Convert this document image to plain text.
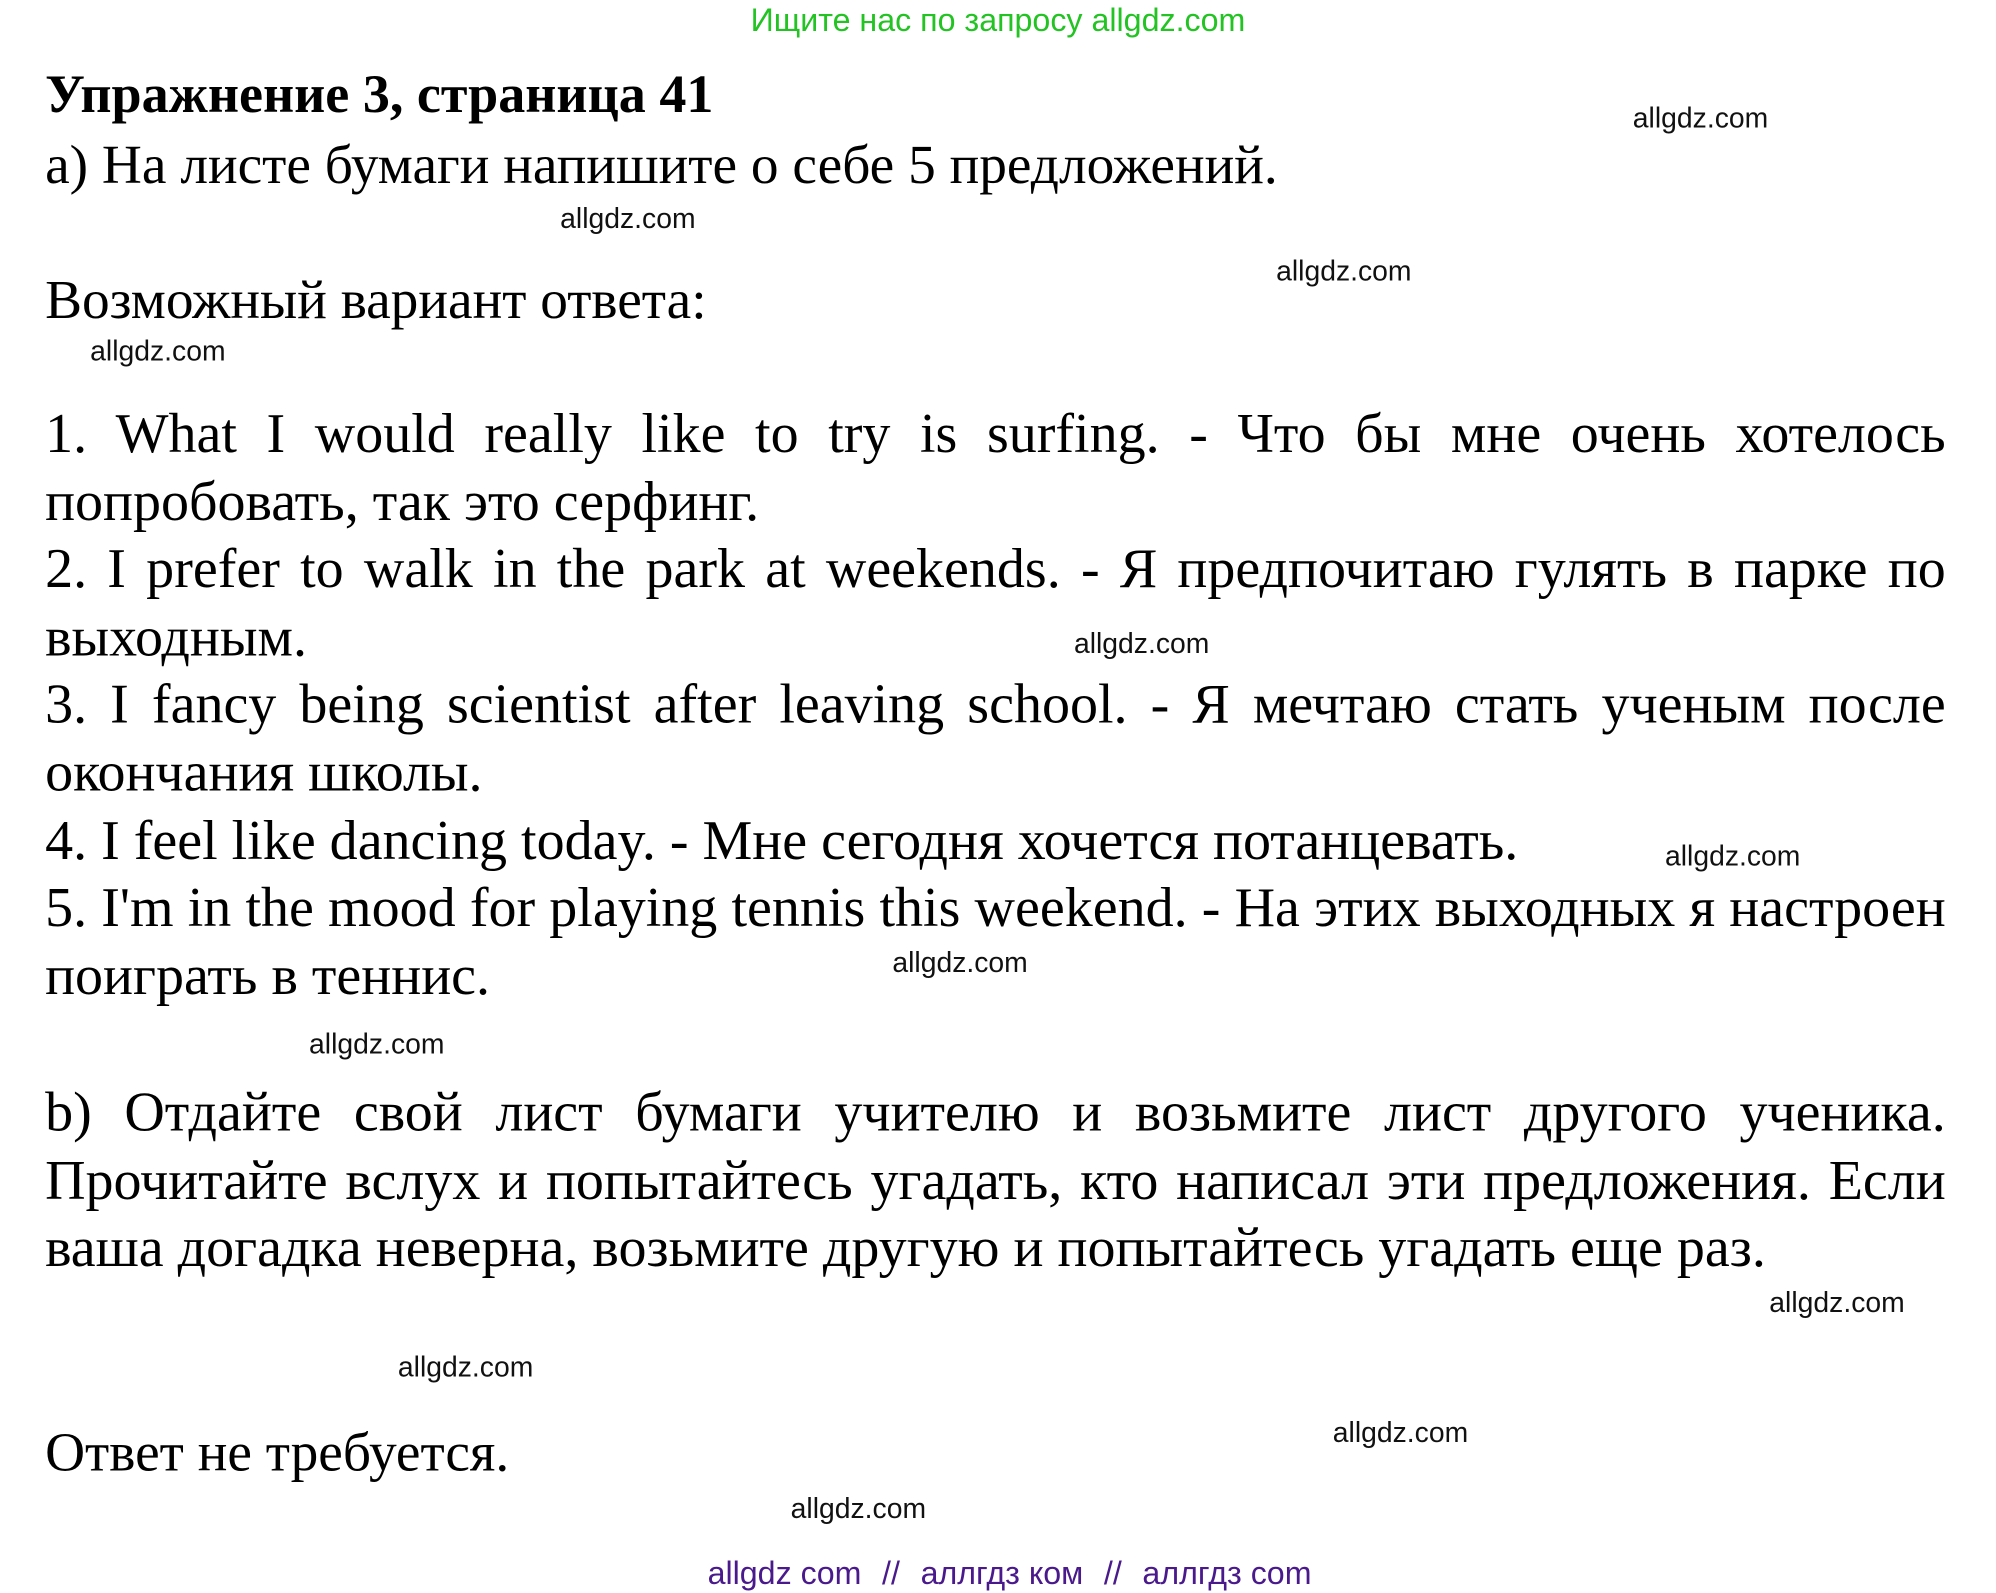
Ищите нас по запросу allgdz.com
Упражнение 3, страница 41
а) На листе бумаги напишите о себе 5 предложений.
Возможный вариант ответа:

1. What I would really like to try is surfing. - Что бы мне очень хотелось попробовать, так это серфинг.

2. I prefer to walk in the park at weekends. - Я предпочитаю гулять в парке по выходным.

3. I fancy being scientist after leaving school. - Я мечтаю стать ученым после окончания школы.

4. I feel like dancing today. - Мне сегодня хочется потанцевать.

5. I'm in the mood for playing tennis this weekend. - На этих выходных я настроен поиграть в теннис.

b) Отдайте свой лист бумаги учителю и возьмите лист другого ученика. Прочитайте вслух и попытайтесь угадать, кто написал эти предложения. Если ваша догадка неверна, возьмите другую и попытайтесь угадать еще раз.

Ответ не требуется.
allgdz.com
allgdz.com
allgdz.com
allgdz.com
allgdz.com
allgdz.com
allgdz.com
allgdz.com
allgdz.com
allgdz.com
allgdz.com
allgdz.com
allgdz com // аллгдз ком // аллгдз com
